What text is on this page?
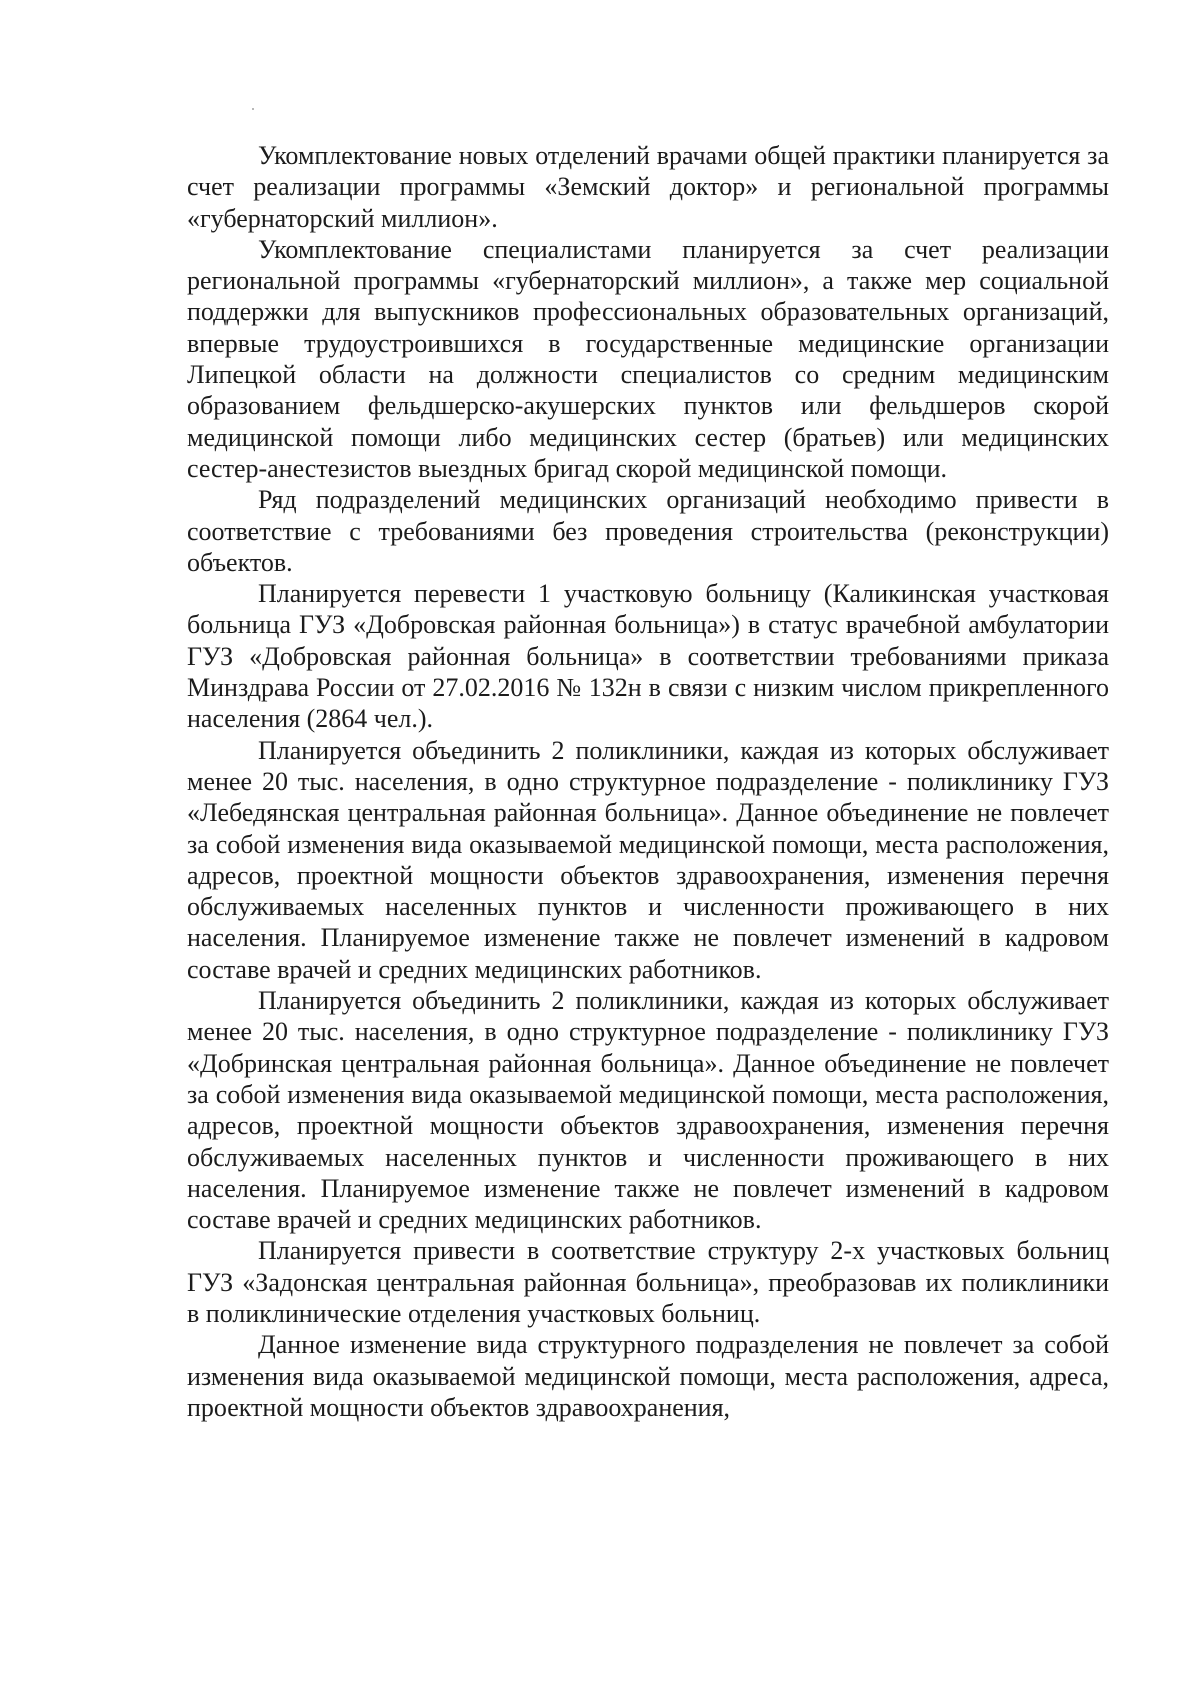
Укомплектование новых отделений врачами общей практики планируется за счет реализации программы «Земский доктор» и региональной программы «губернаторский миллион».

Укомплектование специалистами планируется за счет реализации региональной программы «губернаторский миллион», а также мер социальной поддержки для выпускников профессиональных образовательных организаций, впервые трудоустроившихся в государственные медицинские организации Липецкой области на должности специалистов со средним медицинским образованием фельдшерско-акушерских пунктов или фельдшеров скорой медицинской помощи либо медицинских сестер (братьев) или медицинских сестер-анестезистов выездных бригад скорой медицинской помощи.

Ряд подразделений медицинских организаций необходимо привести в соответствие с требованиями без проведения строительства (реконструкции) объектов.

Планируется перевести 1 участковую больницу (Каликинская участковая больница ГУЗ «Добровская районная больница») в статус врачебной амбулатории ГУЗ «Добровская районная больница» в соответствии требованиями приказа Минздрава России от 27.02.2016 № 132н в связи с низким числом прикрепленного населения (2864 чел.).

Планируется объединить 2 поликлиники, каждая из которых обслуживает менее 20 тыс. населения, в одно структурное подразделение - поликлинику ГУЗ «Лебедянская центральная районная больница». Данное объединение не повлечет за собой изменения вида оказываемой медицинской помощи, места расположения, адресов, проектной мощности объектов здравоохранения, изменения перечня обслуживаемых населенных пунктов и численности проживающего в них населения. Планируемое изменение также не повлечет изменений в кадровом составе врачей и средних медицинских работников.

Планируется объединить 2 поликлиники, каждая из которых обслуживает менее 20 тыс. населения, в одно структурное подразделение - поликлинику ГУЗ «Добринская центральная районная больница». Данное объединение не повлечет за собой изменения вида оказываемой медицинской помощи, места расположения, адресов, проектной мощности объектов здравоохранения, изменения перечня обслуживаемых населенных пунктов и численности проживающего в них населения. Планируемое изменение также не повлечет изменений в кадровом составе врачей и средних медицинских работников.

Планируется привести в соответствие структуру 2-х участковых больниц ГУЗ «Задонская центральная районная больница», преобразовав их поликлиники в поликлинические отделения участковых больниц.

Данное изменение вида структурного подразделения не повлечет за собой изменения вида оказываемой медицинской помощи, места расположения, адреса, проектной мощности объектов здравоохранения,
